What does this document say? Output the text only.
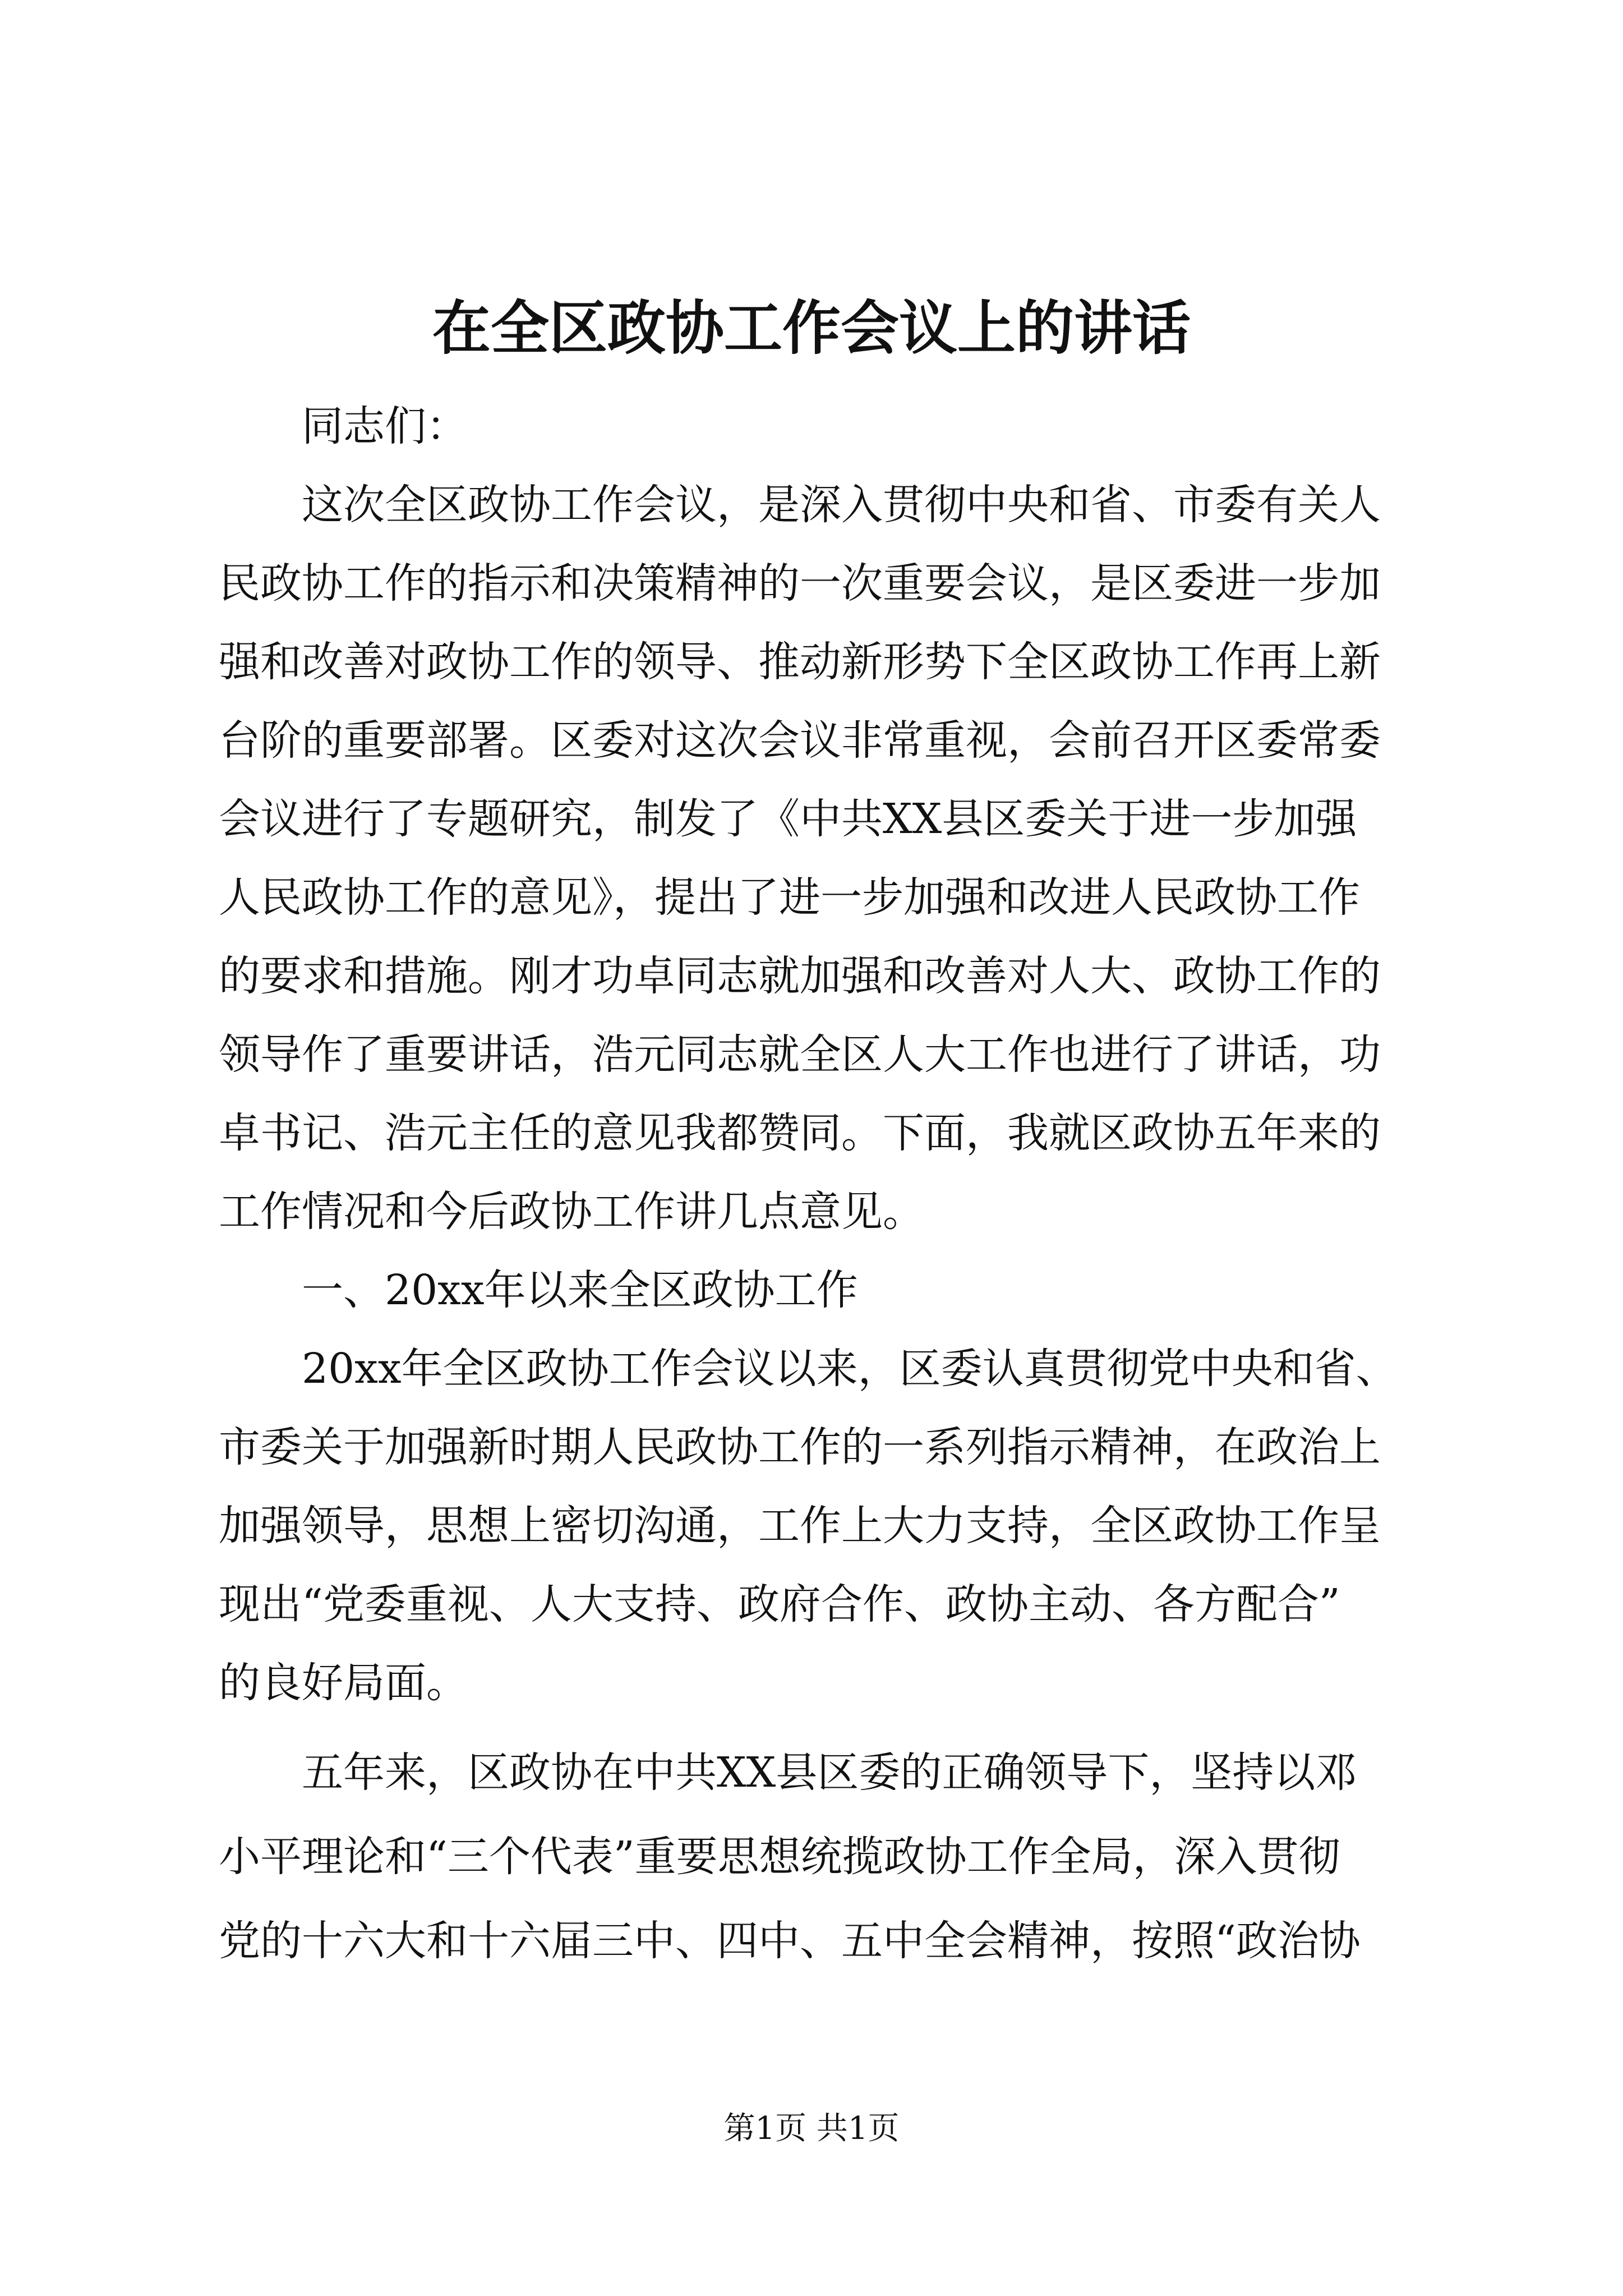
在全区政协工作会议上的讲话
　　同志们：
　　这次全区政协工作会议，是深入贯彻中央和省、市委有关人
民政协工作的指示和决策精神的一次重要会议，是区委进一步加
强和改善对政协工作的领导、推动新形势下全区政协工作再上新
台阶的重要部署。区委对这次会议非常重视，会前召开区委常委
会议进行了专题研究，制发了《中共XX县区委关于进一步加强
人民政协工作的意见》，提出了进一步加强和改进人民政协工作
的要求和措施。刚才功卓同志就加强和改善对人大、政协工作的
领导作了重要讲话，浩元同志就全区人大工作也进行了讲话，功
卓书记、浩元主任的意见我都赞同。下面，我就区政协五年来的
工作情况和今后政协工作讲几点意见。
　　一、20xx年以来全区政协工作
　　20xx年全区政协工作会议以来，区委认真贯彻党中央和省、
市委关于加强新时期人民政协工作的一系列指示精神，在政治上
加强领导，思想上密切沟通，工作上大力支持，全区政协工作呈
现出“党委重视、人大支持、政府合作、政协主动、各方配合”
的良好局面。
　　五年来，区政协在中共XX县区委的正确领导下，坚持以邓
小平理论和“三个代表”重要思想统揽政协工作全局，深入贯彻
党的十六大和十六届三中、四中、五中全会精神，按照“政治协
第1页 共1页
